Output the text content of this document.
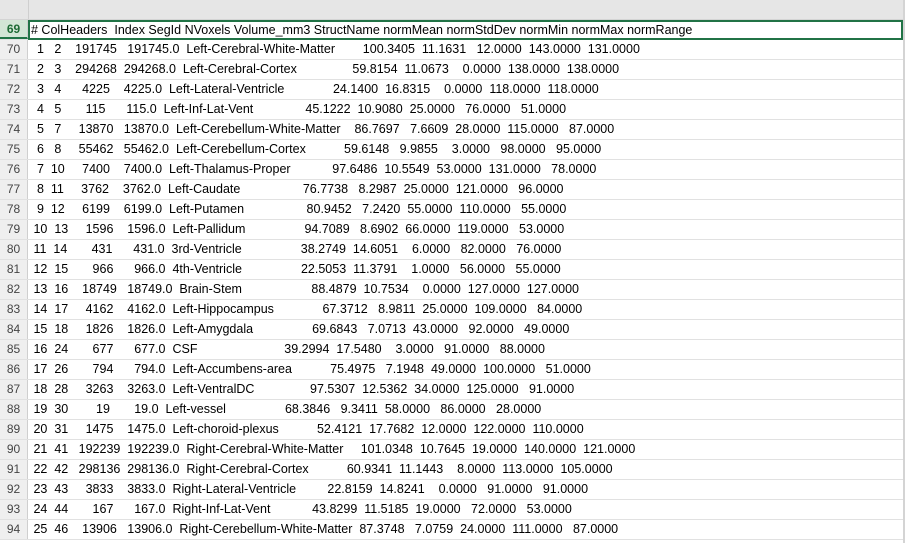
69 # ColHeaders  Index SegId NVoxels Volume_mm3 StructName normMean normStdDev normMin normMax normRange
70 1   2    191745   191745.0  Left-Cerebral-White-Matter        100.3405  11.1631   12.0000  143.0000  131.0000
71 2   3    294268  294268.0  Left-Cerebral-Cortex                59.8154  11.0673    0.0000  138.0000  138.0000
72 3   4      4225    4225.0  Left-Lateral-Ventricle              24.1400  16.8315    0.0000  118.0000  118.0000
73 4   5       115      115.0  Left-Inf-Lat-Vent               45.1222  10.9080  25.0000   76.0000   51.0000
74 5   7     13870   13870.0  Left-Cerebellum-White-Matter    86.7697   7.6609  28.0000  115.0000   87.0000
75 6   8     55462   55462.0  Left-Cerebellum-Cortex           59.6148   9.9855    3.0000   98.0000   95.0000
76 7  10     7400    7400.0  Left-Thalamus-Proper            97.6486  10.5549  53.0000  131.0000   78.0000
77 8  11     3762    3762.0  Left-Caudate                  76.7738   8.2987  25.0000  121.0000   96.0000
78 9  12     6199    6199.0  Left-Putamen                  80.9452   7.2420  55.0000  110.0000   55.0000
79 10  13     1596    1596.0  Left-Pallidum                 94.7089   8.6902  66.0000  119.0000   53.0000
80 11  14       431      431.0  3rd-Ventricle                 38.2749  14.6051    6.0000   82.0000   76.0000
81 12  15       966      966.0  4th-Ventricle                 22.5053  11.3791    1.0000   56.0000   55.0000
82 13  16    18749   18749.0  Brain-Stem                    88.4879  10.7534    0.0000  127.0000  127.0000
83 14  17     4162    4162.0  Left-Hippocampus              67.3712   8.9811  25.0000  109.0000   84.0000
84 15  18     1826    1826.0  Left-Amygdala                 69.6843   7.0713  43.0000   92.0000   49.0000
85 16  24       677      677.0  CSF                         39.2994  17.5480    3.0000   91.0000   88.0000
86 17  26       794      794.0  Left-Accumbens-area           75.4975   7.1948  49.0000  100.0000   51.0000
87 18  28     3263    3263.0  Left-VentralDC                97.5307  12.5362  34.0000  125.0000   91.0000
88 19  30        19       19.0  Left-vessel                 68.3846   9.3411  58.0000   86.0000   28.0000
89 20  31     1475    1475.0  Left-choroid-plexus           52.4121  17.7682  12.0000  122.0000  110.0000
90 21  41   192239  192239.0  Right-Cerebral-White-Matter     101.0348  10.7645  19.0000  140.0000  121.0000
91 22  42   298136  298136.0  Right-Cerebral-Cortex           60.9341  11.1443    8.0000  113.0000  105.0000
92 23  43     3833    3833.0  Right-Lateral-Ventricle         22.8159  14.8241    0.0000   91.0000   91.0000
93 24  44       167      167.0  Right-Inf-Lat-Vent            43.8299  11.5185  19.0000   72.0000   53.0000
94 25  46    13906   13906.0  Right-Cerebellum-White-Matter  87.3748   7.0759  24.0000  111.0000   87.0000
